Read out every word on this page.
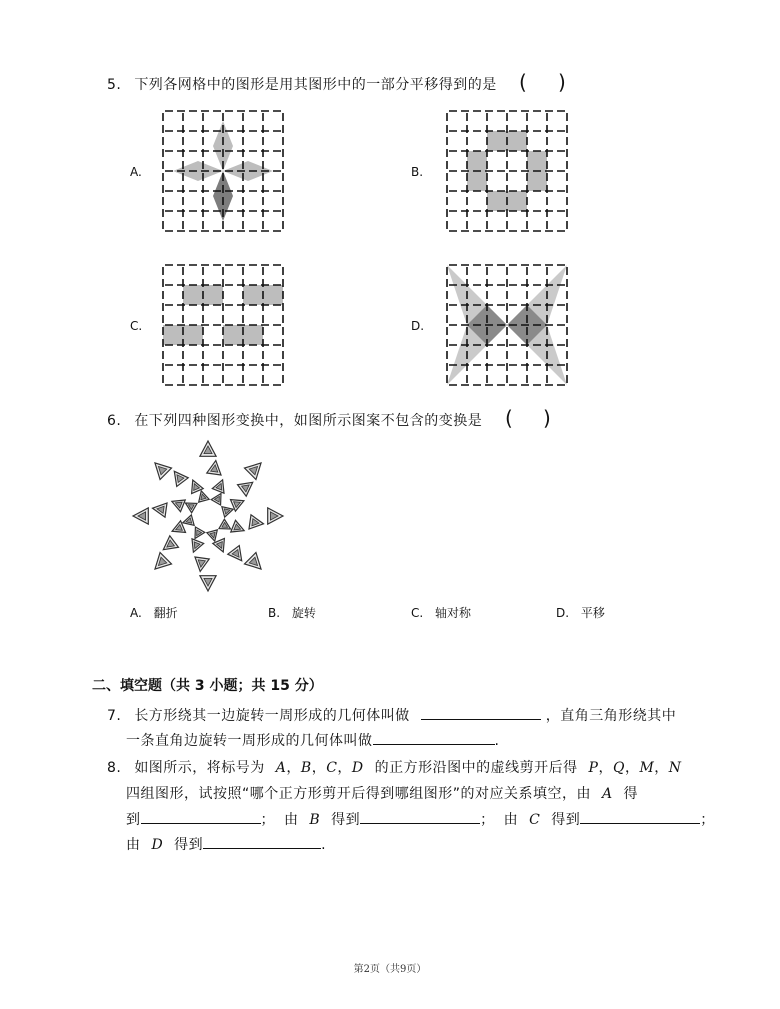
5. 下列各网格中的图形是用其图形中的一部分平移得到的是 ( )
A.	B.
C.	D.
6. 在下列四种图形变换中，如图所示图案不包含的变换是 ( )
A. 翻折	B. 旋转	C. 轴对称	D. 平移
二、填空题（共 3 小题；共 15 分）
7. 长方形绕其一边旋转一周形成的几何体叫做	，直角三角形绕其中
一条直角边旋转一周形成的几何体叫做	.
8. 如图所示，将标号为 A，B，C，D 的正方形沿图中的虚线剪开后得 P，Q，M，N
四组图形，试按照“哪个正方形剪开后得到哪组图形”的对应关系填空，由 A 得
到	； 由 B 得到	； 由 C 得到	；
由 D 得到	.
第2页（共9页）
